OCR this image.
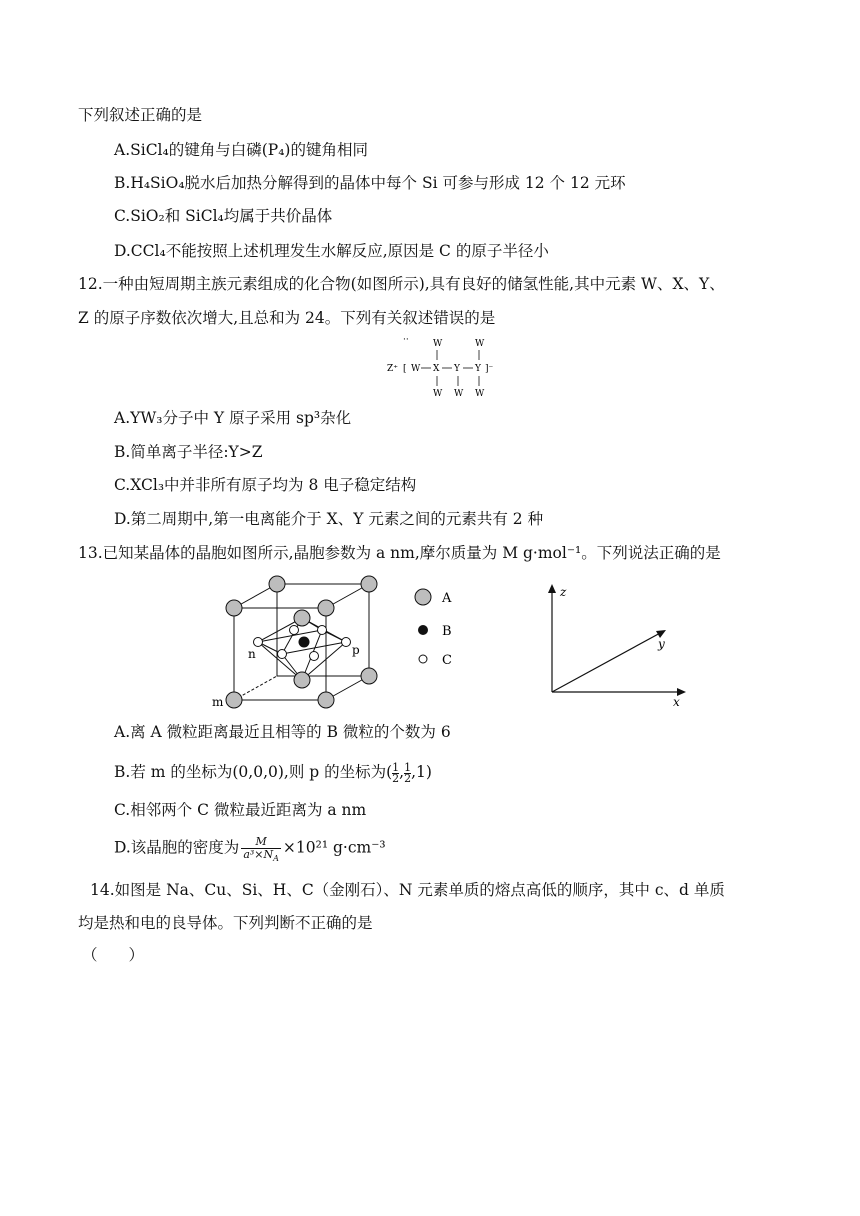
下列叙述正确的是
A.SiCl₄的键角与白磷(P₄)的键角相同
B.H₄SiO₄脱水后加热分解得到的晶体中每个 Si 可参与形成 12 个 12 元环
C.SiO₂和 SiCl₄均属于共价晶体
D.CCl₄不能按照上述机理发生水解反应,原因是 C 的原子半径小
12.一种由短周期主族元素组成的化合物(如图所示),具有良好的储氢性能,其中元素 W、X、Y、
Z 的原子序数依次增大,且总和为 24。下列有关叙述错误的是
··	W	W
Z⁺ [ W X Y Y ]⁻
W W W
A.YW₃分子中 Y 原子采用 sp³杂化
B.简单离子半径:Y>Z
C.XCl₃中并非所有原子均为 8 电子稳定结构
D.第二周期中,第一电离能介于 X、Y 元素之间的元素共有 2 种
13.已知某晶体的晶胞如图所示,晶胞参数为 a nm,摩尔质量为 M g·mol⁻¹。下列说法正确的是
n	p
m
A
B
C
z
y
x
A.离 A 微粒距离最近且相等的 B 微粒的个数为 6
B.若 m 的坐标为(0,0,0),则 p 的坐标为( $\frac{1}{2}$ , $\frac{1}{2} ,1$)
C.相邻两个 C 微粒最近距离为 a nm
D.该晶胞的密度为 $\frac{M}{a^3\times N_A} \times 10^{21}$ g·cm⁻³
14.如图是 Na、Cu、Si、H、C（金刚石）、N 元素单质的熔点高低的顺序，其中 c、d 单质
均是热和电的良导体。下列判断不正确的是
（　　）
